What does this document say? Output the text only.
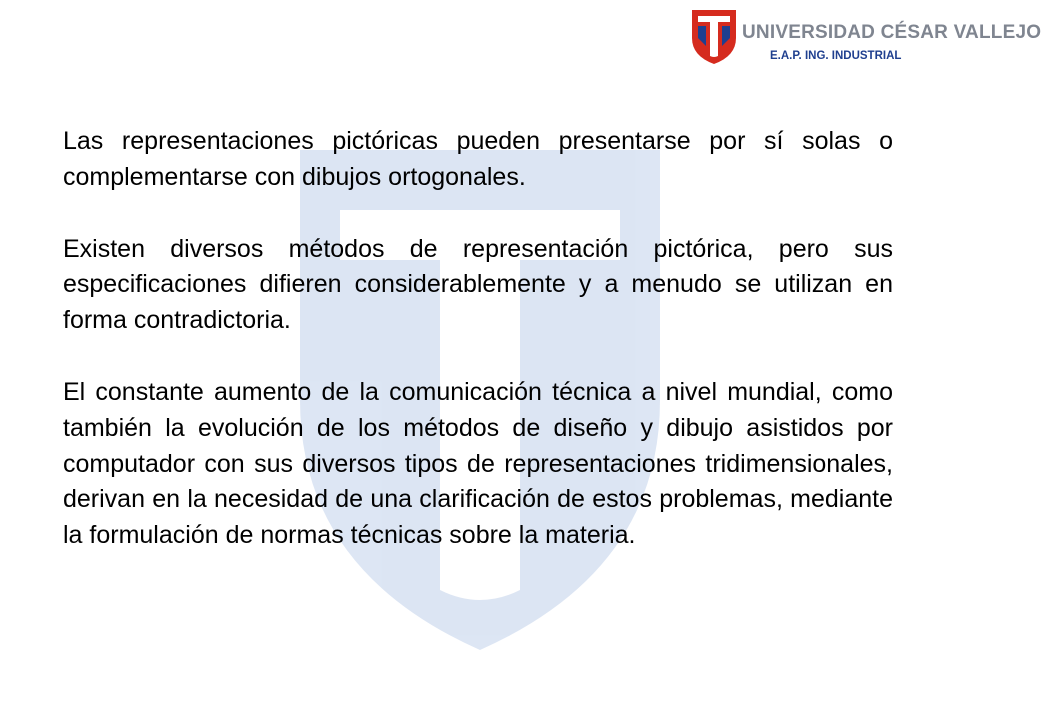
UNIVERSIDAD CÉSAR VALLEJO
E.A.P. ING. INDUSTRIAL

Las representaciones pictóricas pueden presentarse por sí solas o complementarse con dibujos ortogonales.

Existen diversos métodos de representación pictórica, pero sus especificaciones difieren considerablemente y a menudo se utilizan en forma contradictoria.

El constante aumento de la comunicación técnica a nivel mundial, como también la evolución de los métodos de diseño y dibujo asistidos por computador con sus diversos tipos de representaciones tridimensionales, derivan en la necesidad de una clarificación de estos problemas, mediante la formulación de normas técnicas sobre la materia.
